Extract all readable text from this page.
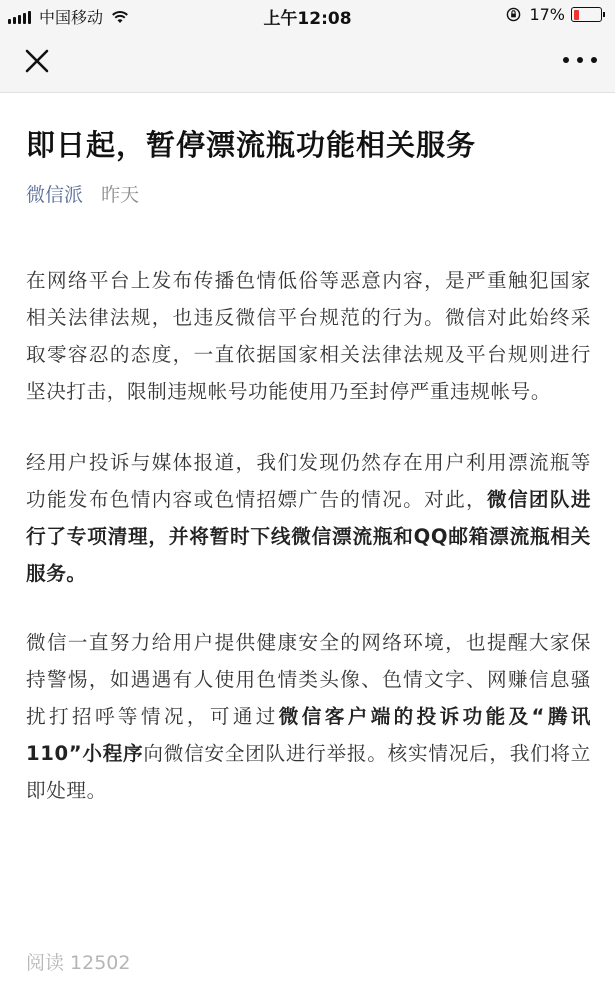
中国移动	上午12:08	17%
即日起，暂停漂流瓶功能相关服务
微信派 昨天

在网络平台上发布传播色情低俗等恶意内容，是严重触犯国家相关法律法规，也违反微信平台规范的行为。微信对此始终采取零容忍的态度，一直依据国家相关法律法规及平台规则进行坚决打击，限制违规帐号功能使用乃至封停严重违规帐号。

经用户投诉与媒体报道，我们发现仍然存在用户利用漂流瓶等功能发布色情内容或色情招嫖广告的情况。对此，微信团队进行了专项清理，并将暂时下线微信漂流瓶和QQ邮箱漂流瓶相关服务。

微信一直努力给用户提供健康安全的网络环境，也提醒大家保持警惕，如遇遇有人使用色情类头像、色情文字、网赚信息骚扰打招呼等情况，可通过微信客户端的投诉功能及“腾讯110”小程序向微信安全团队进行举报。核实情况后，我们将立即处理。

阅读 12502
